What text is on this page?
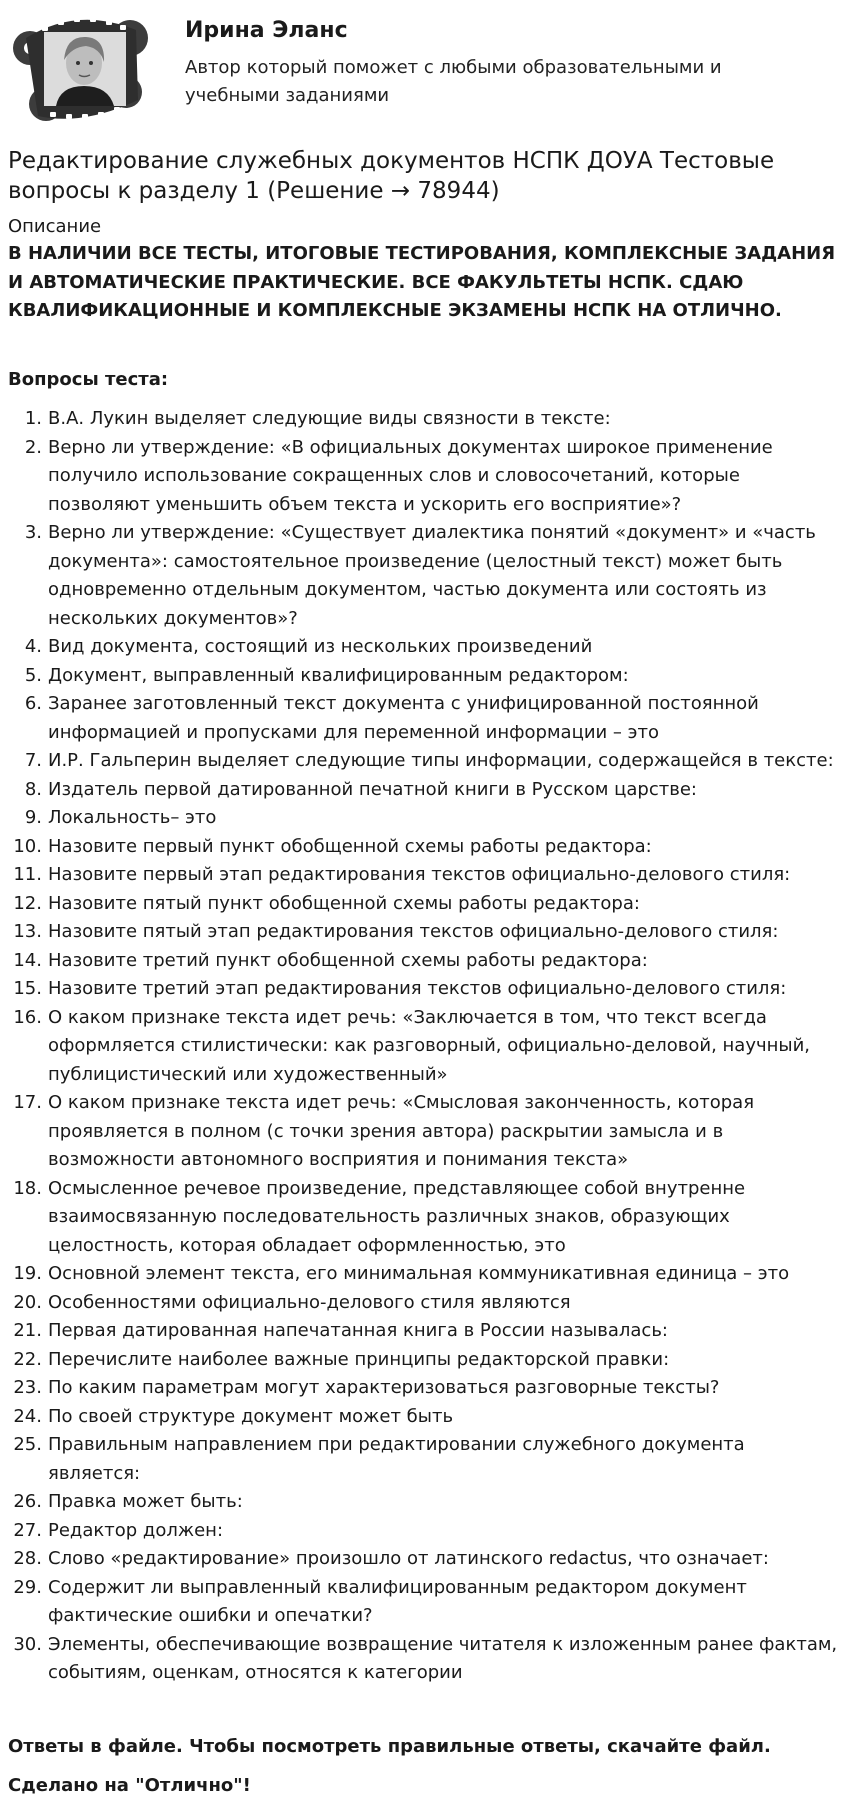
Ирина Эланс
Автор который поможет с любыми образовательными и учебными заданиями
Редактирование служебных документов НСПК ДОУА Тестовые вопросы к разделу 1 (Решение → 78944)
Описание
В НАЛИЧИИ ВСЕ ТЕСТЫ, ИТОГОВЫЕ ТЕСТИРОВАНИЯ, КОМПЛЕКСНЫЕ ЗАДАНИЯ И АВТОМАТИЧЕСКИЕ ПРАКТИЧЕСКИЕ. ВСЕ ФАКУЛЬТЕТЫ НСПК. СДАЮ КВАЛИФИКАЦИОННЫЕ И КОМПЛЕКСНЫЕ ЭКЗАМЕНЫ НСПК НА ОТЛИЧНО.
Вопросы теста:
1. В.А. Лукин выделяет следующие виды связности в тексте:
2. Верно ли утверждение: «В официальных документах широкое применение получило использование сокращенных слов и словосочетаний, которые позволяют уменьшить объем текста и ускорить его восприятие»?
3. Верно ли утверждение: «Существует диалектика понятий «документ» и «часть документа»: самостоятельное произведение (целостный текст) может быть одновременно отдельным документом, частью документа или состоять из нескольких документов»?
4. Вид документа, состоящий из нескольких произведений
5. Документ, выправленный квалифицированным редактором:
6. Заранее заготовленный текст документа с унифицированной постоянной информацией и пропусками для переменной информации – это
7. И.Р. Гальперин выделяет следующие типы информации, содержащейся в тексте:
8. Издатель первой датированной печатной книги в Русском царстве:
9. Локальность– это
10. Назовите первый пункт обобщенной схемы работы редактора:
11. Назовите первый этап редактирования текстов официально-делового стиля:
12. Назовите пятый пункт обобщенной схемы работы редактора:
13. Назовите пятый этап редактирования текстов официально-делового стиля:
14. Назовите третий пункт обобщенной схемы работы редактора:
15. Назовите третий этап редактирования текстов официально-делового стиля:
16. О каком признаке текста идет речь: «Заключается в том, что текст всегда оформляется стилистически: как разговорный, официально-деловой, научный, публицистический или художественный»
17. О каком признаке текста идет речь: «Смысловая законченность, которая проявляется в полном (с точки зрения автора) раскрытии замысла и в возможности автономного восприятия и понимания текста»
18. Осмысленное речевое произведение, представляющее собой внутренне взаимосвязанную последовательность различных знаков, образующих целостность, которая обладает оформленностью, это
19. Основной элемент текста, его минимальная коммуникативная единица – это
20. Особенностями официально-делового стиля являются
21. Первая датированная напечатанная книга в России называлась:
22. Перечислите наиболее важные принципы редакторской правки:
23. По каким параметрам могут характеризоваться разговорные тексты?
24. По своей структуре документ может быть
25. Правильным направлением при редактировании служебного документа является:
26. Правка может быть:
27. Редактор должен:
28. Слово «редактирование» произошло от латинского redactus, что означает:
29. Содержит ли выправленный квалифицированным редактором документ фактические ошибки и опечатки?
30. Элементы, обеспечивающие возвращение читателя к изложенным ранее фактам, событиям, оценкам, относятся к категории
Ответы в файле. Чтобы посмотреть правильные ответы, скачайте файл.
Сделано на "Отлично"!
